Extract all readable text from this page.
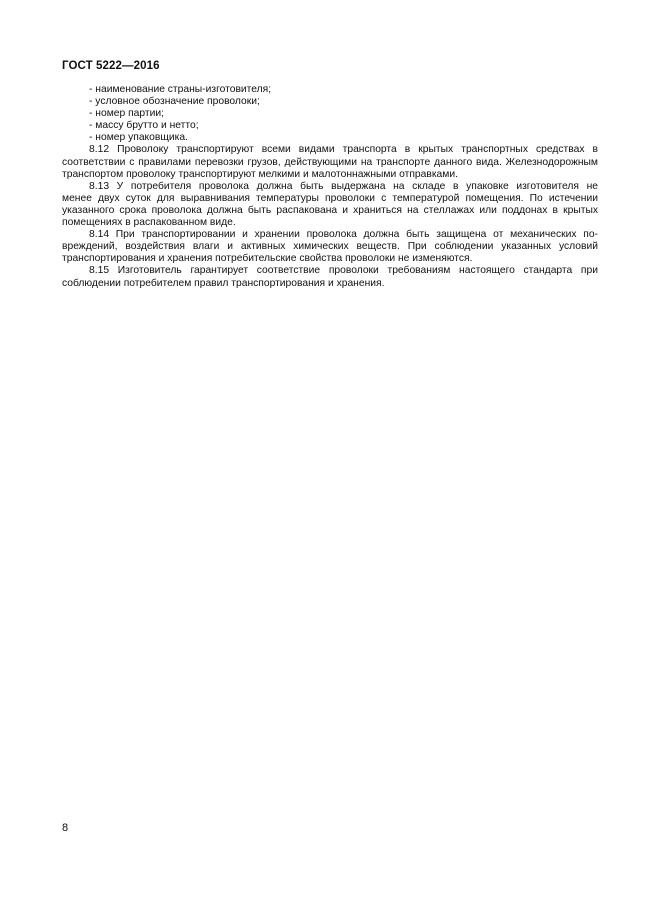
ГОСТ 5222—2016
- наименование страны-изготовителя;
- условное обозначение проволоки;
- номер партии;
- массу брутто и нетто;
- номер упаковщика.
8.12 Проволоку транспортируют всеми видами транспорта в крытых транспортных средствах в
соответствии с правилами перевозки грузов, действующими на транспорте данного вида. Железнодорожным транспортом проволоку транспортируют мелкими и малотоннажными отправками.
8.13 У потребителя проволока должна быть выдержана на складе в упаковке изготовителя не
менее двух суток для выравнивания температуры проволоки с температурой помещения. По истечении указанного срока проволока должна быть распакована и храниться на стеллажах или поддонах в крытых помещениях в распакованном виде.
8.14 При транспортировании и хранении проволока должна быть защищена от механических по-
вреждений, воздействия влаги и активных химических веществ. При соблюдении указанных условий транспортирования и хранения потребительские свойства проволоки не изменяются.
8.15 Изготовитель гарантирует соответствие проволоки требованиям настоящего стандарта при
соблюдении потребителем правил транспортирования и хранения.
8
